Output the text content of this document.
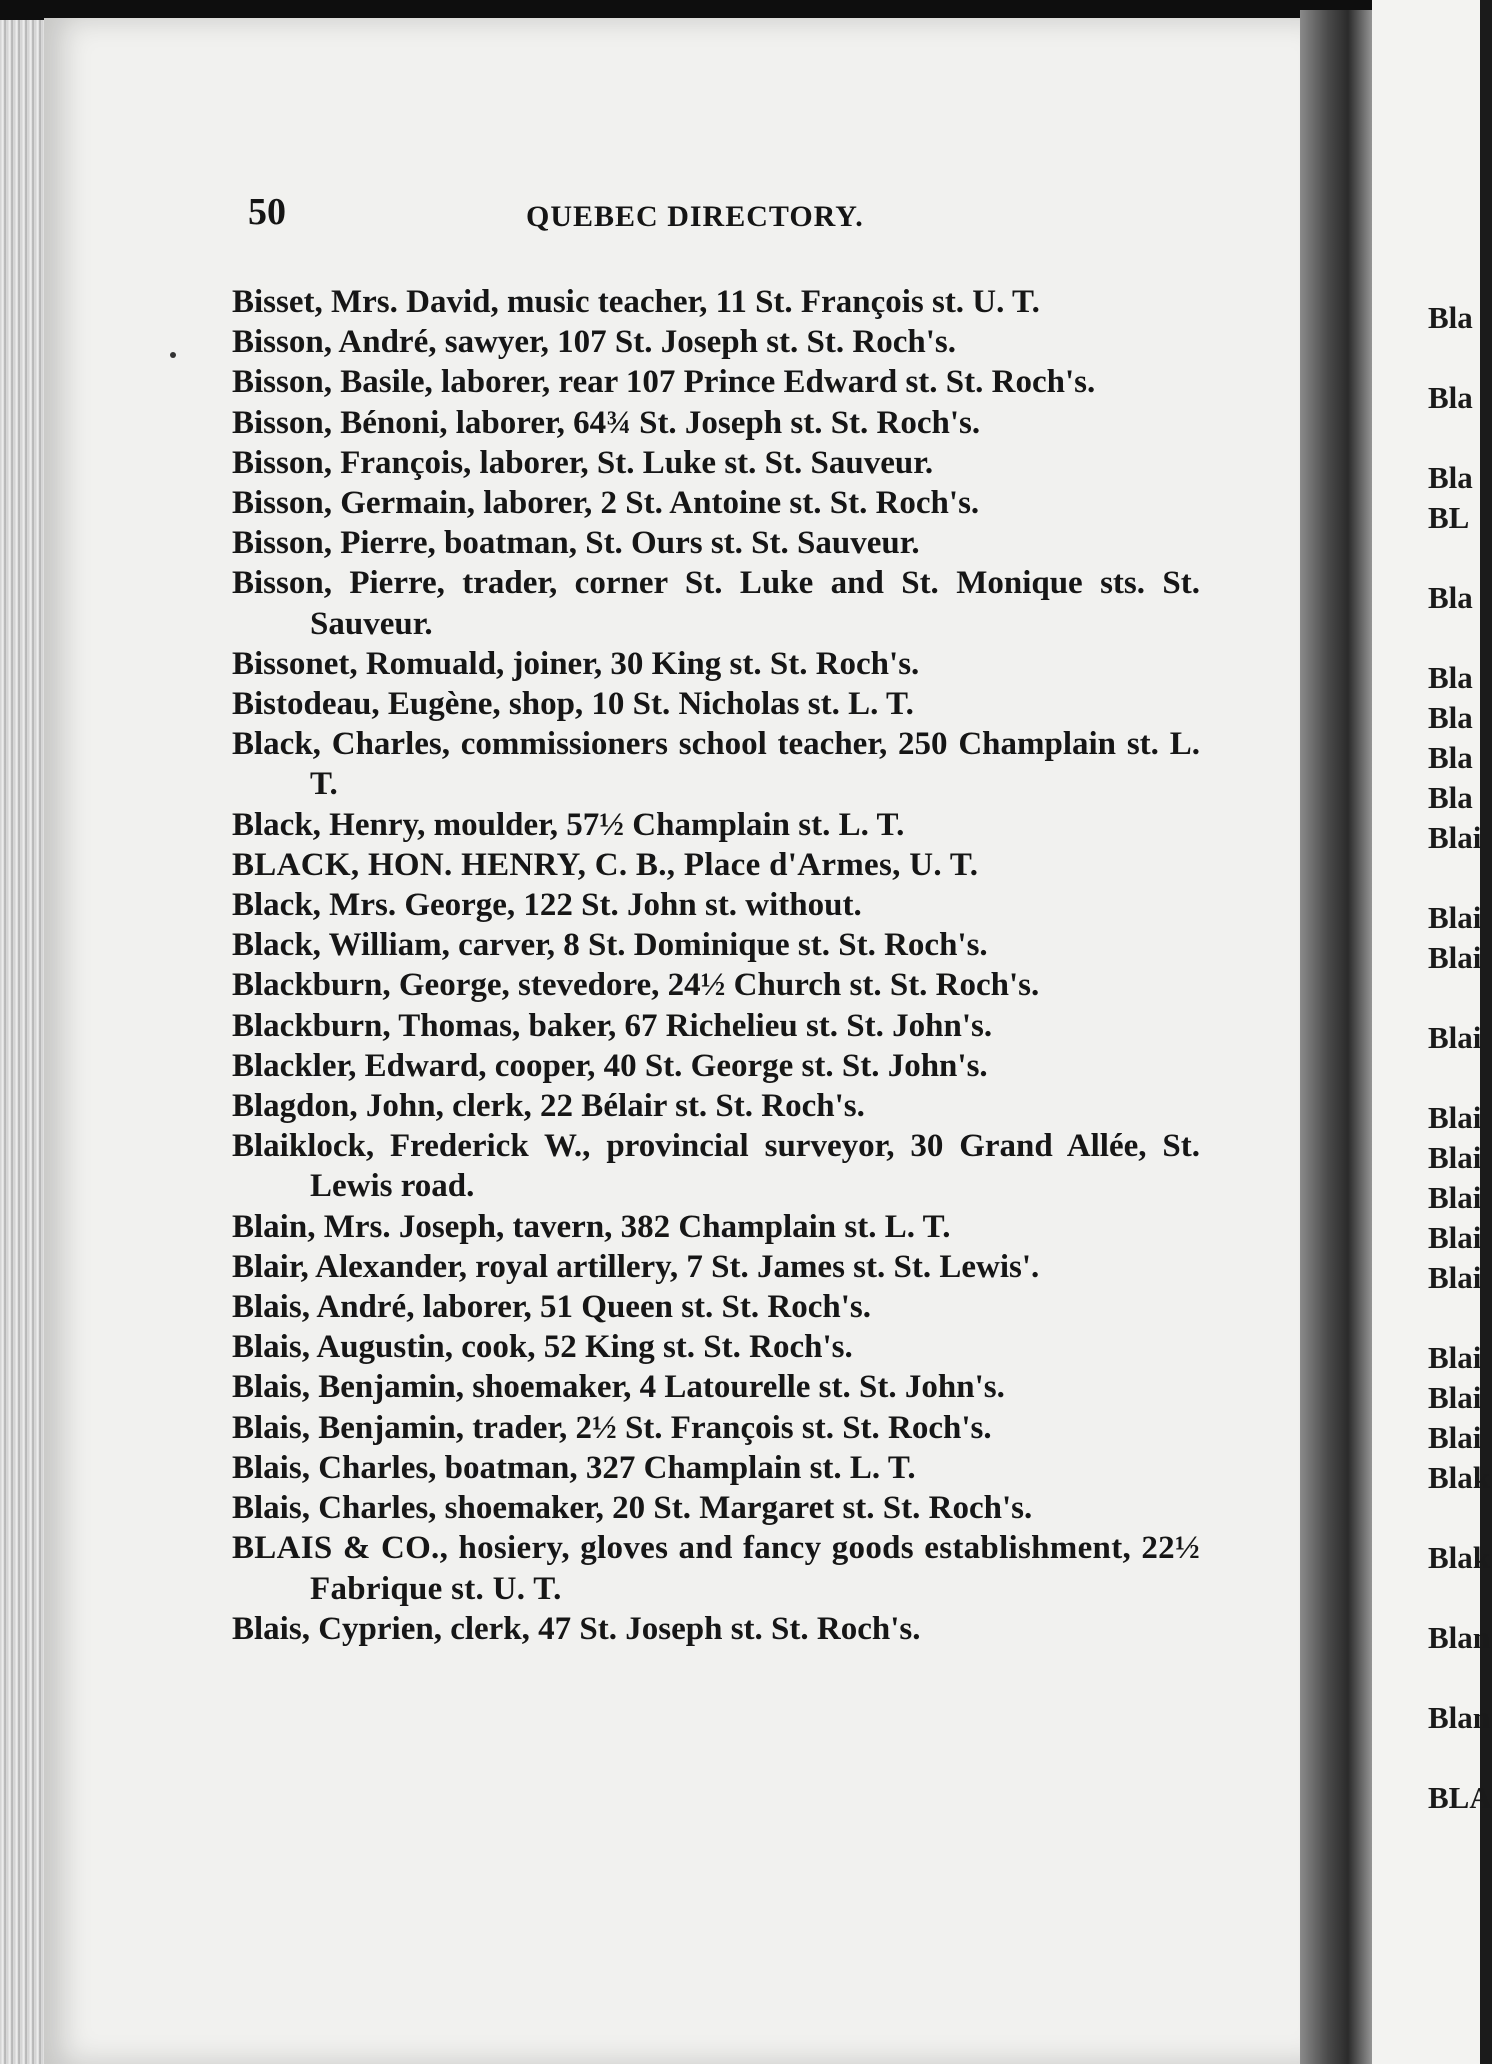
50	QUEBEC DIRECTORY.
Bisset, Mrs. David, music teacher, 11 St. François st. U. T.
Bisson, André, sawyer, 107 St. Joseph st. St. Roch's.
Bisson, Basile, laborer, rear 107 Prince Edward st. St. Roch's.
Bisson, Bénoni, laborer, 64¾ St. Joseph st. St. Roch's.
Bisson, François, laborer, St. Luke st. St. Sauveur.
Bisson, Germain, laborer, 2 St. Antoine st. St. Roch's.
Bisson, Pierre, boatman, St. Ours st. St. Sauveur.
Bisson, Pierre, trader, corner St. Luke and St. Monique sts. St. Sauveur.
Bissonet, Romuald, joiner, 30 King st. St. Roch's.
Bistodeau, Eugène, shop, 10 St. Nicholas st. L. T.
Black, Charles, commissioners school teacher, 250 Champlain st. L. T.
Black, Henry, moulder, 57½ Champlain st. L. T.
BLACK, HON. HENRY, C. B., Place d'Armes, U. T.
Black, Mrs. George, 122 St. John st. without.
Black, William, carver, 8 St. Dominique st. St. Roch's.
Blackburn, George, stevedore, 24½ Church st. St. Roch's.
Blackburn, Thomas, baker, 67 Richelieu st. St. John's.
Blackler, Edward, cooper, 40 St. George st. St. John's.
Blagdon, John, clerk, 22 Bélair st. St. Roch's.
Blaiklock, Frederick W., provincial surveyor, 30 Grand Allée, St. Lewis road.
Blain, Mrs. Joseph, tavern, 382 Champlain st. L. T.
Blair, Alexander, royal artillery, 7 St. James st. St. Lewis'.
Blais, André, laborer, 51 Queen st. St. Roch's.
Blais, Augustin, cook, 52 King st. St. Roch's.
Blais, Benjamin, shoemaker, 4 Latourelle st. St. John's.
Blais, Benjamin, trader, 2½ St. François st. St. Roch's.
Blais, Charles, boatman, 327 Champlain st. L. T.
Blais, Charles, shoemaker, 20 St. Margaret st. St. Roch's.
BLAIS & CO., hosiery, gloves and fancy goods establishment, 22½ Fabrique st. U. T.
Blais, Cyprien, clerk, 47 St. Joseph st. St. Roch's.
Bla
Bla
Bla
BL
Bla
Bla
Bla
Bla
Bla
Blai
Blai
Blai
Blai
Blai
Blai
Blai
Blai
Blai
Blai
Blai
Blai
Blak
Blak
Blan
Blan
BLA
